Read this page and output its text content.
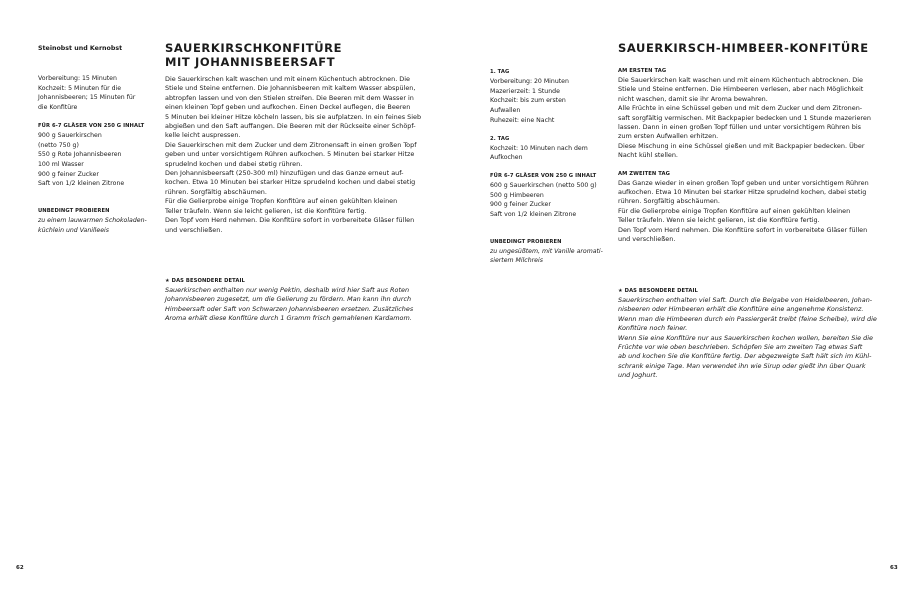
Steinobst und Kernobst
Vorbereitung: 15 Minuten
Kochzeit: 5 Minuten für die
Johannisbeeren; 15 Minuten für
die Konfitüre
FÜR 6-7 GLÄSER VON 250 G INHALT
900 g Sauerkirschen
(netto 750 g)
550 g Rote Johannisbeeren
100 ml Wasser
900 g feiner Zucker
Saft von 1/2 kleinen Zitrone
UNBEDINGT PROBIEREN
zu einem lauwarmen Schokoladen-
küchlein und Vanilleeis
SAUERKIRSCHKONFITÜRE
MIT JOHANNISBEERSAFT
Die Sauerkirschen kalt waschen und mit einem Küchentuch abtrocknen. Die
Stiele und Steine entfernen. Die Johannisbeeren mit kaltem Wasser abspülen,
abtropfen lassen und von den Stielen streifen. Die Beeren mit dem Wasser in
einen kleinen Topf geben und aufkochen. Einen Deckel auflegen, die Beeren
5 Minuten bei kleiner Hitze köcheln lassen, bis sie aufplatzen. In ein feines Sieb
abgießen und den Saft auffangen. Die Beeren mit der Rückseite einer Schöpf-
kelle leicht auspressen.
Die Sauerkirschen mit dem Zucker und dem Zitronensaft in einen großen Topf
geben und unter vorsichtigem Rühren aufkochen. 5 Minuten bei starker Hitze
sprudelnd kochen und dabei stetig rühren.
Den Johannisbeersaft (250-300 ml) hinzufügen und das Ganze erneut auf-
kochen. Etwa 10 Minuten bei starker Hitze sprudelnd kochen und dabei stetig
rühren. Sorgfältig abschäumen.
Für die Gelierprobe einige Tropfen Konfitüre auf einen gekühlten kleinen
Teller träufeln. Wenn sie leicht gelieren, ist die Konfitüre fertig.
Den Topf vom Herd nehmen. Die Konfitüre sofort in vorbereitete Gläser füllen
und verschließen.
★ DAS BESONDERE DETAIL
Sauerkirschen enthalten nur wenig Pektin, deshalb wird hier Saft aus Roten
Johannisbeeren zugesetzt, um die Gelierung zu fördern. Man kann ihn durch
Himbeersaft oder Saft von Schwarzen Johannisbeeren ersetzen. Zusätzliches
Aroma erhält diese Konfitüre durch 1 Gramm frisch gemahlenen Kardamom.
62
1. TAG
Vorbereitung: 20 Minuten
Mazerierzeit: 1 Stunde
Kochzeit: bis zum ersten
Aufwallen
Ruhezeit: eine Nacht
2. TAG
Kochzeit: 10 Minuten nach dem
Aufkochen
FÜR 6-7 GLÄSER VON 250 G INHALT
600 g Sauerkirschen (netto 500 g)
500 g Himbeeren
900 g feiner Zucker
Saft von 1/2 kleinen Zitrone
UNBEDINGT PROBIEREN
zu ungesüßtem, mit Vanille aromati-
siertem Milchreis
SAUERKIRSCH-HIMBEER-KONFITÜRE
AM ERSTEN TAG
Die Sauerkirschen kalt waschen und mit einem Küchentuch abtrocknen. Die
Stiele und Steine entfernen. Die Himbeeren verlesen, aber nach Möglichkeit
nicht waschen, damit sie ihr Aroma bewahren.
Alle Früchte in eine Schüssel geben und mit dem Zucker und dem Zitronen-
saft sorgfältig vermischen. Mit Backpapier bedecken und 1 Stunde mazerieren
lassen. Dann in einen großen Topf füllen und unter vorsichtigem Rühren bis
zum ersten Aufwallen erhitzen.
Diese Mischung in eine Schüssel gießen und mit Backpapier bedecken. Über
Nacht kühl stellen.
AM ZWEITEN TAG
Das Ganze wieder in einen großen Topf geben und unter vorsichtigem Rühren
aufkochen. Etwa 10 Minuten bei starker Hitze sprudelnd kochen, dabei stetig
rühren. Sorgfältig abschäumen.
Für die Gelierprobe einige Tropfen Konfitüre auf einen gekühlten kleinen
Teller träufeln. Wenn sie leicht gelieren, ist die Konfitüre fertig.
Den Topf vom Herd nehmen. Die Konfitüre sofort in vorbereitete Gläser füllen
und verschließen.
★ DAS BESONDERE DETAIL
Sauerkirschen enthalten viel Saft. Durch die Beigabe von Heidelbeeren, Johan-
nisbeeren oder Himbeeren erhält die Konfitüre eine angenehme Konsistenz.
Wenn man die Himbeeren durch ein Passiergerät treibt (feine Scheibe), wird die
Konfitüre noch feiner.
Wenn Sie eine Konfitüre nur aus Sauerkirschen kochen wollen, bereiten Sie die
Früchte vor wie oben beschrieben. Schöpfen Sie am zweiten Tag etwas Saft
ab und kochen Sie die Konfitüre fertig. Der abgezweigte Saft hält sich im Kühl-
schrank einige Tage. Man verwendet ihn wie Sirup oder gießt ihn über Quark
und Joghurt.
63
